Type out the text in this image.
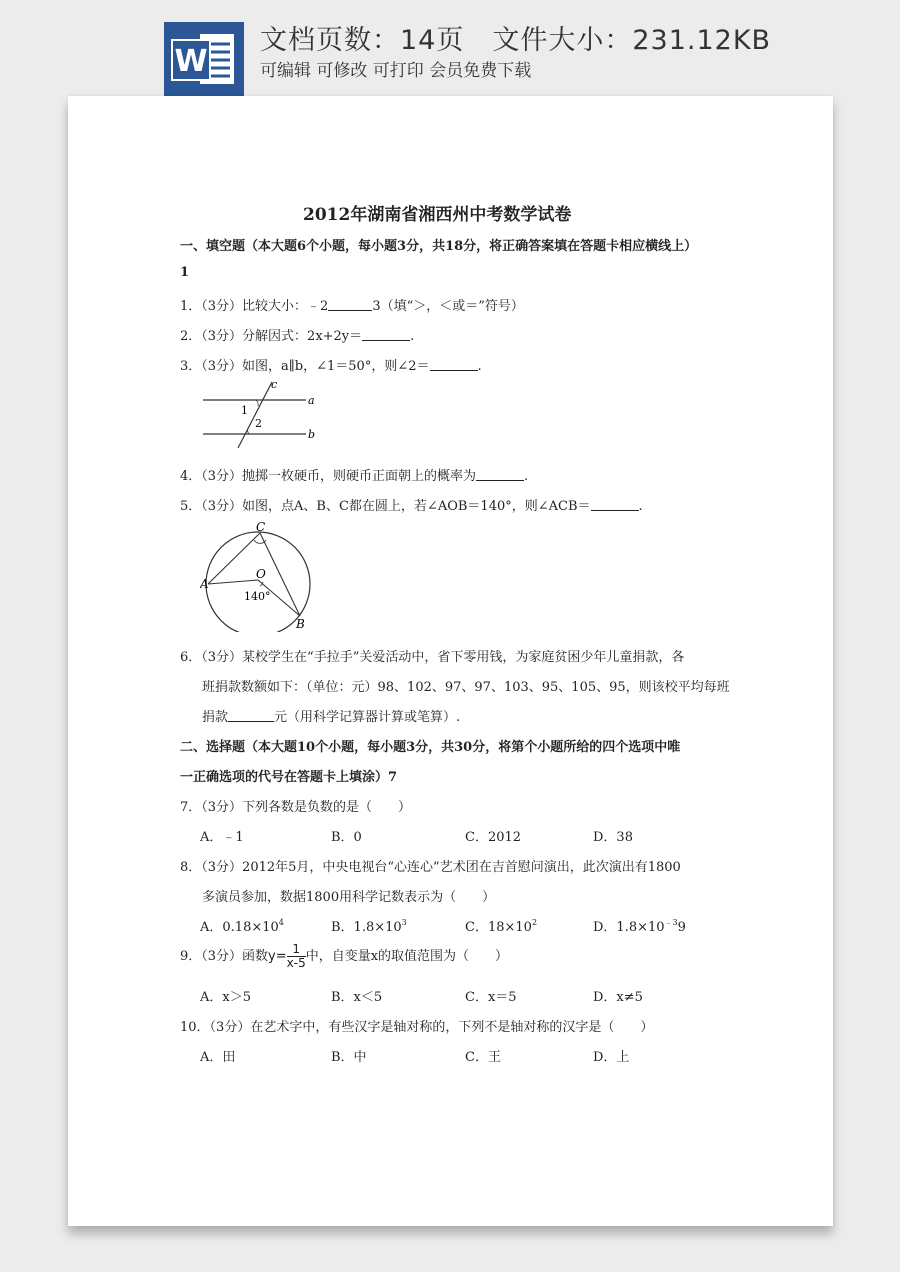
W
文档页数：14页　文件大小：231.12KB
可编辑 可修改 可打印 会员免费下载
2012年湖南省湘西州中考数学试卷
一、填空题（本大题6个小题，每小题3分，共18分，将正确答案填在答题卡相应横线上）
1
1．（3分）比较大小：﹣2	3（填“＞，＜或＝”符号）
2．（3分）分解因式：2x+2y＝	.
3．（3分）如图，a∥b，∠1＝50°，则∠2＝	.
c
a
b
1
2
4．（3分）抛掷一枚硬币，则硬币正面朝上的概率为	.
5．（3分）如图，点A、B、C都在圆上，若∠AOB＝140°，则∠ACB＝	.
C
A
O
B
140°
6．（3分）某校学生在“手拉手”关爱活动中，省下零用钱，为家庭贫困少年儿童捐款，各
班捐款数额如下：（单位：元）98、102、97、97、103、95、105、95，则该校平均每班
捐款	元（用科学记算器计算或笔算）.
二、选择题（本大题10个小题，每小题3分，共30分，将第个小题所给的四个选项中唯
一正确选项的代号在答题卡上填涂）7
7．（3分）下列各数是负数的是（　　）
A．﹣1	B．0	C．2012	D．38
8．（3分）2012年5月，中央电视台“心连心”艺术团在吉首慰问演出，此次演出有1800
多演员参加，数据1800用科学记数表示为（　　）
A．$0.18\times 10^4$	B．$1.8\times 10^3$	C．$18\times 10^2$	D．$1.8\times 10^{﹣3}9$
9．（3分）函数$y= \frac{1}{x-5}$ 中，自变量x的取值范围为（　　）
A．x＞5	B．x＜5	C．x＝5	D．x≠5
10．（3分）在艺术字中，有些汉字是轴对称的，下列不是轴对称的汉字是（　　）
A．田	B．中	C．王	D．上
